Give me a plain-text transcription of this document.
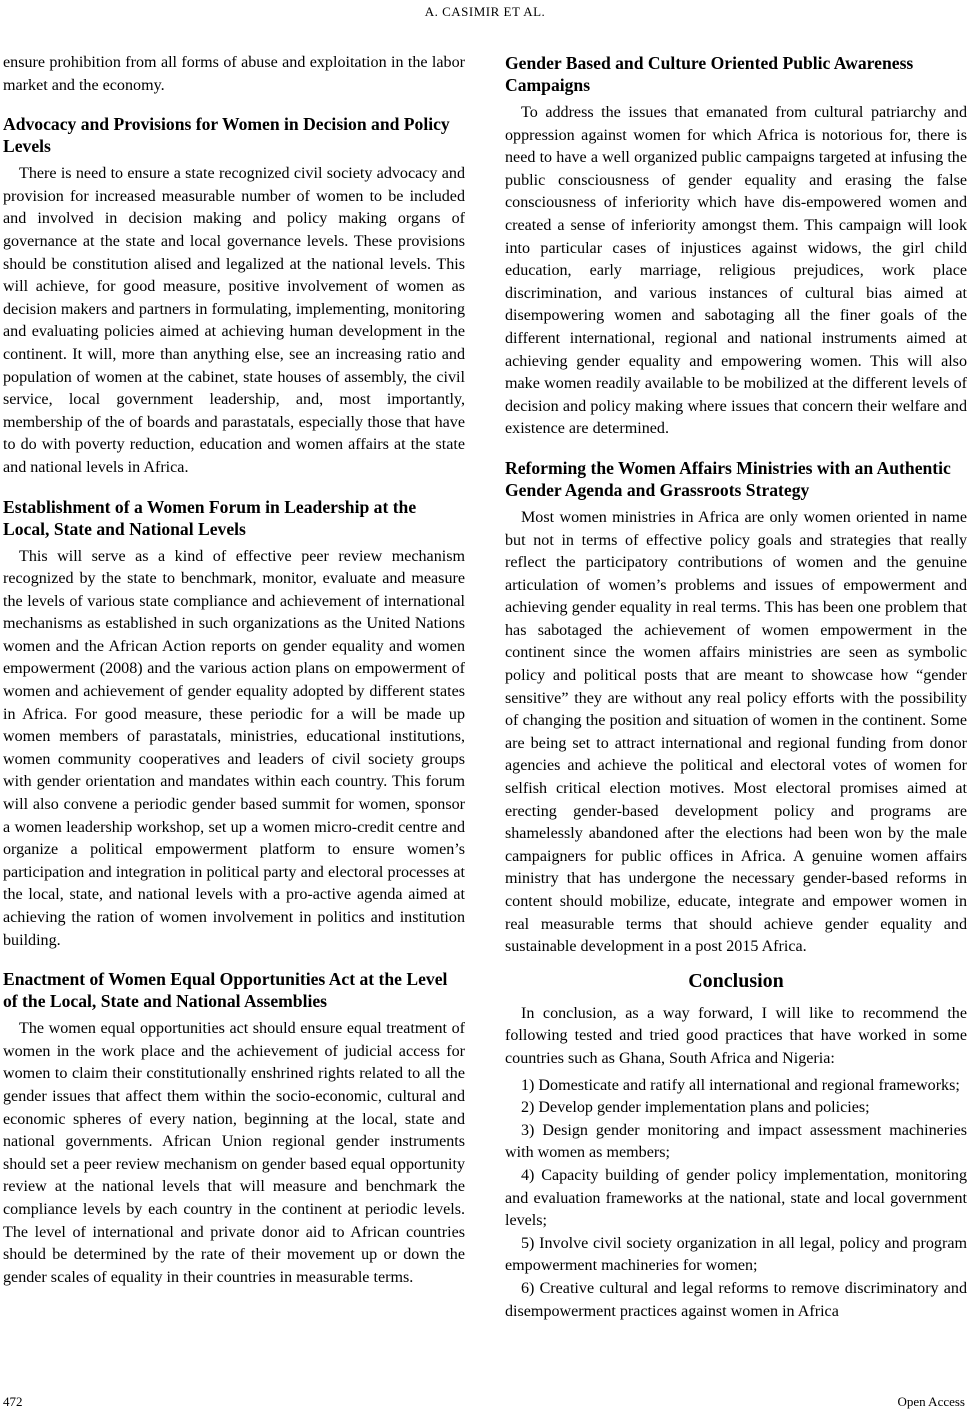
A. CASIMIR ET AL.

ensure prohibition from all forms of abuse and exploitation in the labor market and the economy.

Advocacy and Provisions for Women in Decision and Policy Levels

There is need to ensure a state recognized civil society advocacy and provision for increased measurable number of women to be included and involved in decision making and policy making organs of governance at the state and local governance levels. These provisions should be constitution alised and legalized at the national levels. This will achieve, for good measure, positive involvement of women as decision makers and partners in formulating, implementing, monitoring and evaluating policies aimed at achieving human development in the continent. It will, more than anything else, see an increasing ratio and population of women at the cabinet, state houses of assembly, the civil service, local government leadership, and, most importantly, membership of the of boards and parastatals, especially those that have to do with poverty reduction, education and women affairs at the state and national levels in Africa.

Establishment of a Women Forum in Leadership at the Local, State and National Levels

This will serve as a kind of effective peer review mechanism recognized by the state to benchmark, monitor, evaluate and measure the levels of various state compliance and achievement of international mechanisms as established in such organizations as the United Nations women and the African Action reports on gender equality and women empowerment (2008) and the various action plans on empowerment of women and achievement of gender equality adopted by different states in Africa. For good measure, these periodic for a will be made up women members of parastatals, ministries, educational institutions, women community cooperatives and leaders of civil society groups with gender orientation and mandates within each country. This forum will also convene a periodic gender based summit for women, sponsor a women leadership workshop, set up a women micro-credit centre and organize a political empowerment platform to ensure women’s participation and integration in political party and electoral processes at the local, state, and national levels with a pro-active agenda aimed at achieving the ration of women involvement in politics and institution building.

Enactment of Women Equal Opportunities Act at the Level of the Local, State and National Assemblies

The women equal opportunities act should ensure equal treatment of women in the work place and the achievement of judicial access for women to claim their constitutionally enshrined rights related to all the gender issues that affect them within the socio-economic, cultural and economic spheres of every nation, beginning at the local, state and national governments. African Union regional gender instruments should set a peer review mechanism on gender based equal opportunity review at the national levels that will measure and benchmark the compliance levels by each country in the continent at periodic levels. The level of international and private donor aid to African countries should be determined by the rate of their movement up or down the gender scales of equality in their countries in measurable terms.

Gender Based and Culture Oriented Public Awareness Campaigns

To address the issues that emanated from cultural patriarchy and oppression against women for which Africa is notorious for, there is need to have a well organized public campaigns targeted at infusing the public consciousness of gender equality and erasing the false consciousness of inferiority which have dis-empowered women and created a sense of inferiority amongst them. This campaign will look into particular cases of injustices against widows, the girl child education, early marriage, religious prejudices, work place discrimination, and various instances of cultural bias aimed at disempowering women and sabotaging all the finer goals of the different international, regional and national instruments aimed at achieving gender equality and empowering women. This will also make women readily available to be mobilized at the different levels of decision and policy making where issues that concern their welfare and existence are determined.

Reforming the Women Affairs Ministries with an Authentic Gender Agenda and Grassroots Strategy

Most women ministries in Africa are only women oriented in name but not in terms of effective policy goals and strategies that really reflect the participatory contributions of women and the genuine articulation of women’s problems and issues of empowerment and achieving gender equality in real terms. This has been one problem that has sabotaged the achievement of women empowerment in the continent since the women affairs ministries are seen as symbolic policy and political posts that are meant to showcase how “gender sensitive” they are without any real policy efforts with the possibility of changing the position and situation of women in the continent. Some are being set to attract international and regional funding from donor agencies and achieve the political and electoral votes of women for selfish critical election motives. Most electoral promises aimed at erecting gender-based development policy and programs are shamelessly abandoned after the elections had been won by the male campaigners for public offices in Africa. A genuine women affairs ministry that has undergone the necessary gender-based reforms in content should mobilize, educate, integrate and empower women in real measurable terms that should achieve gender equality and sustainable development in a post 2015 Africa.

Conclusion

In conclusion, as a way forward, I will like to recommend the following tested and tried good practices that have worked in some countries such as Ghana, South Africa and Nigeria:

1) Domesticate and ratify all international and regional frameworks;

2) Develop gender implementation plans and policies;

3) Design gender monitoring and impact assessment machineries with women as members;

4) Capacity building of gender policy implementation, monitoring and evaluation frameworks at the national, state and local government levels;

5) Involve civil society organization in all legal, policy and program empowerment machineries for women;

6) Creative cultural and legal reforms to remove discriminatory and disempowerment practices against women in Africa

472	Open Access
